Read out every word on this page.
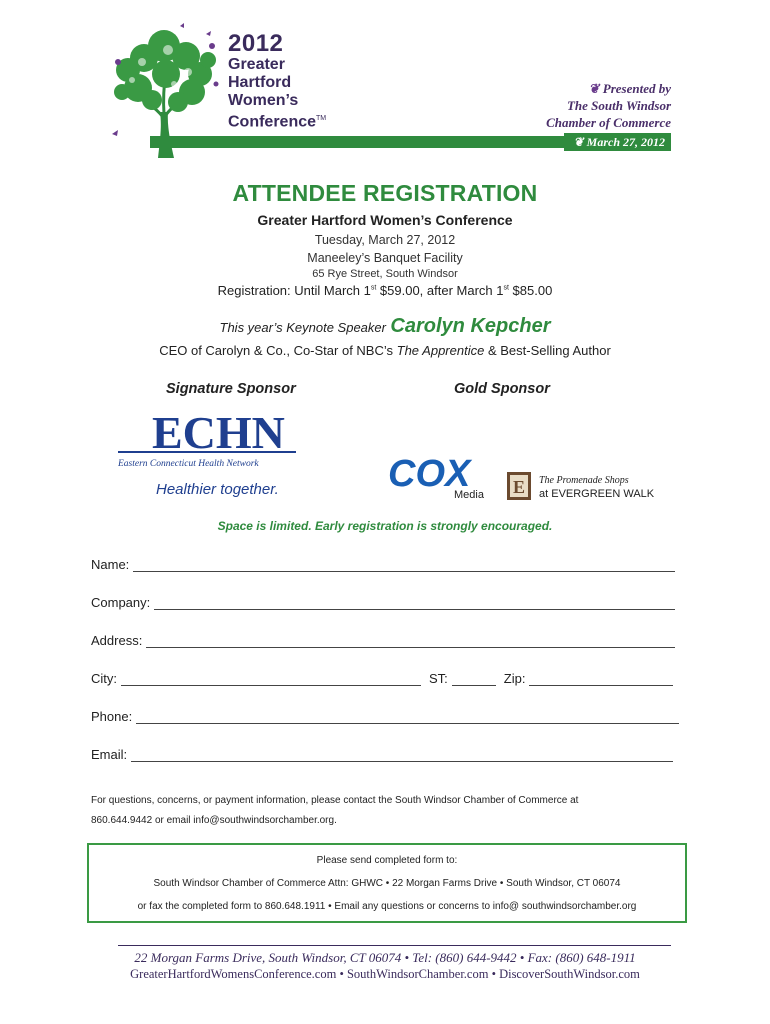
2012
Greater
Hartford
Women’s
Conference™
❦ Presented by
The South Windsor
Chamber of Commerce
❦ March 27, 2012
ATTENDEE REGISTRATION
Greater Hartford Women’s Conference
Tuesday, March 27, 2012
Maneeley’s Banquet Facility
65 Rye Street, South Windsor
Registration: Until March 1st $59.00, after March 1st $85.00
This year’s Keynote Speaker Carolyn Kepcher
CEO of Carolyn & Co., Co-Star of NBC’s The Apprentice & Best-Selling Author
Signature Sponsor	Gold Sponsor
ECHN
Eastern Connecticut Health Network
Healthier together.	COX
Media E The Promenade Shops
at EVERGREEN WALK
Space is limited. Early registration is strongly encouraged.
Name:
Company:
Address:
City:	ST:	Zip:
Phone:
Email:
For questions, concerns, or payment information, please contact the South Windsor Chamber of Commerce at
860.644.9442 or email info@southwindsorchamber.org.
Please send completed form to:
South Windsor Chamber of Commerce Attn: GHWC • 22 Morgan Farms Drive • South Windsor, CT 06074
or fax the completed form to 860.648.1911 • Email any questions or concerns to info@ southwindsorchamber.org
22 Morgan Farms Drive, South Windsor, CT 06074 • Tel: (860) 644-9442 • Fax: (860) 648-1911
GreaterHartfordWomensConference.com • SouthWindsorChamber.com • DiscoverSouthWindsor.com
